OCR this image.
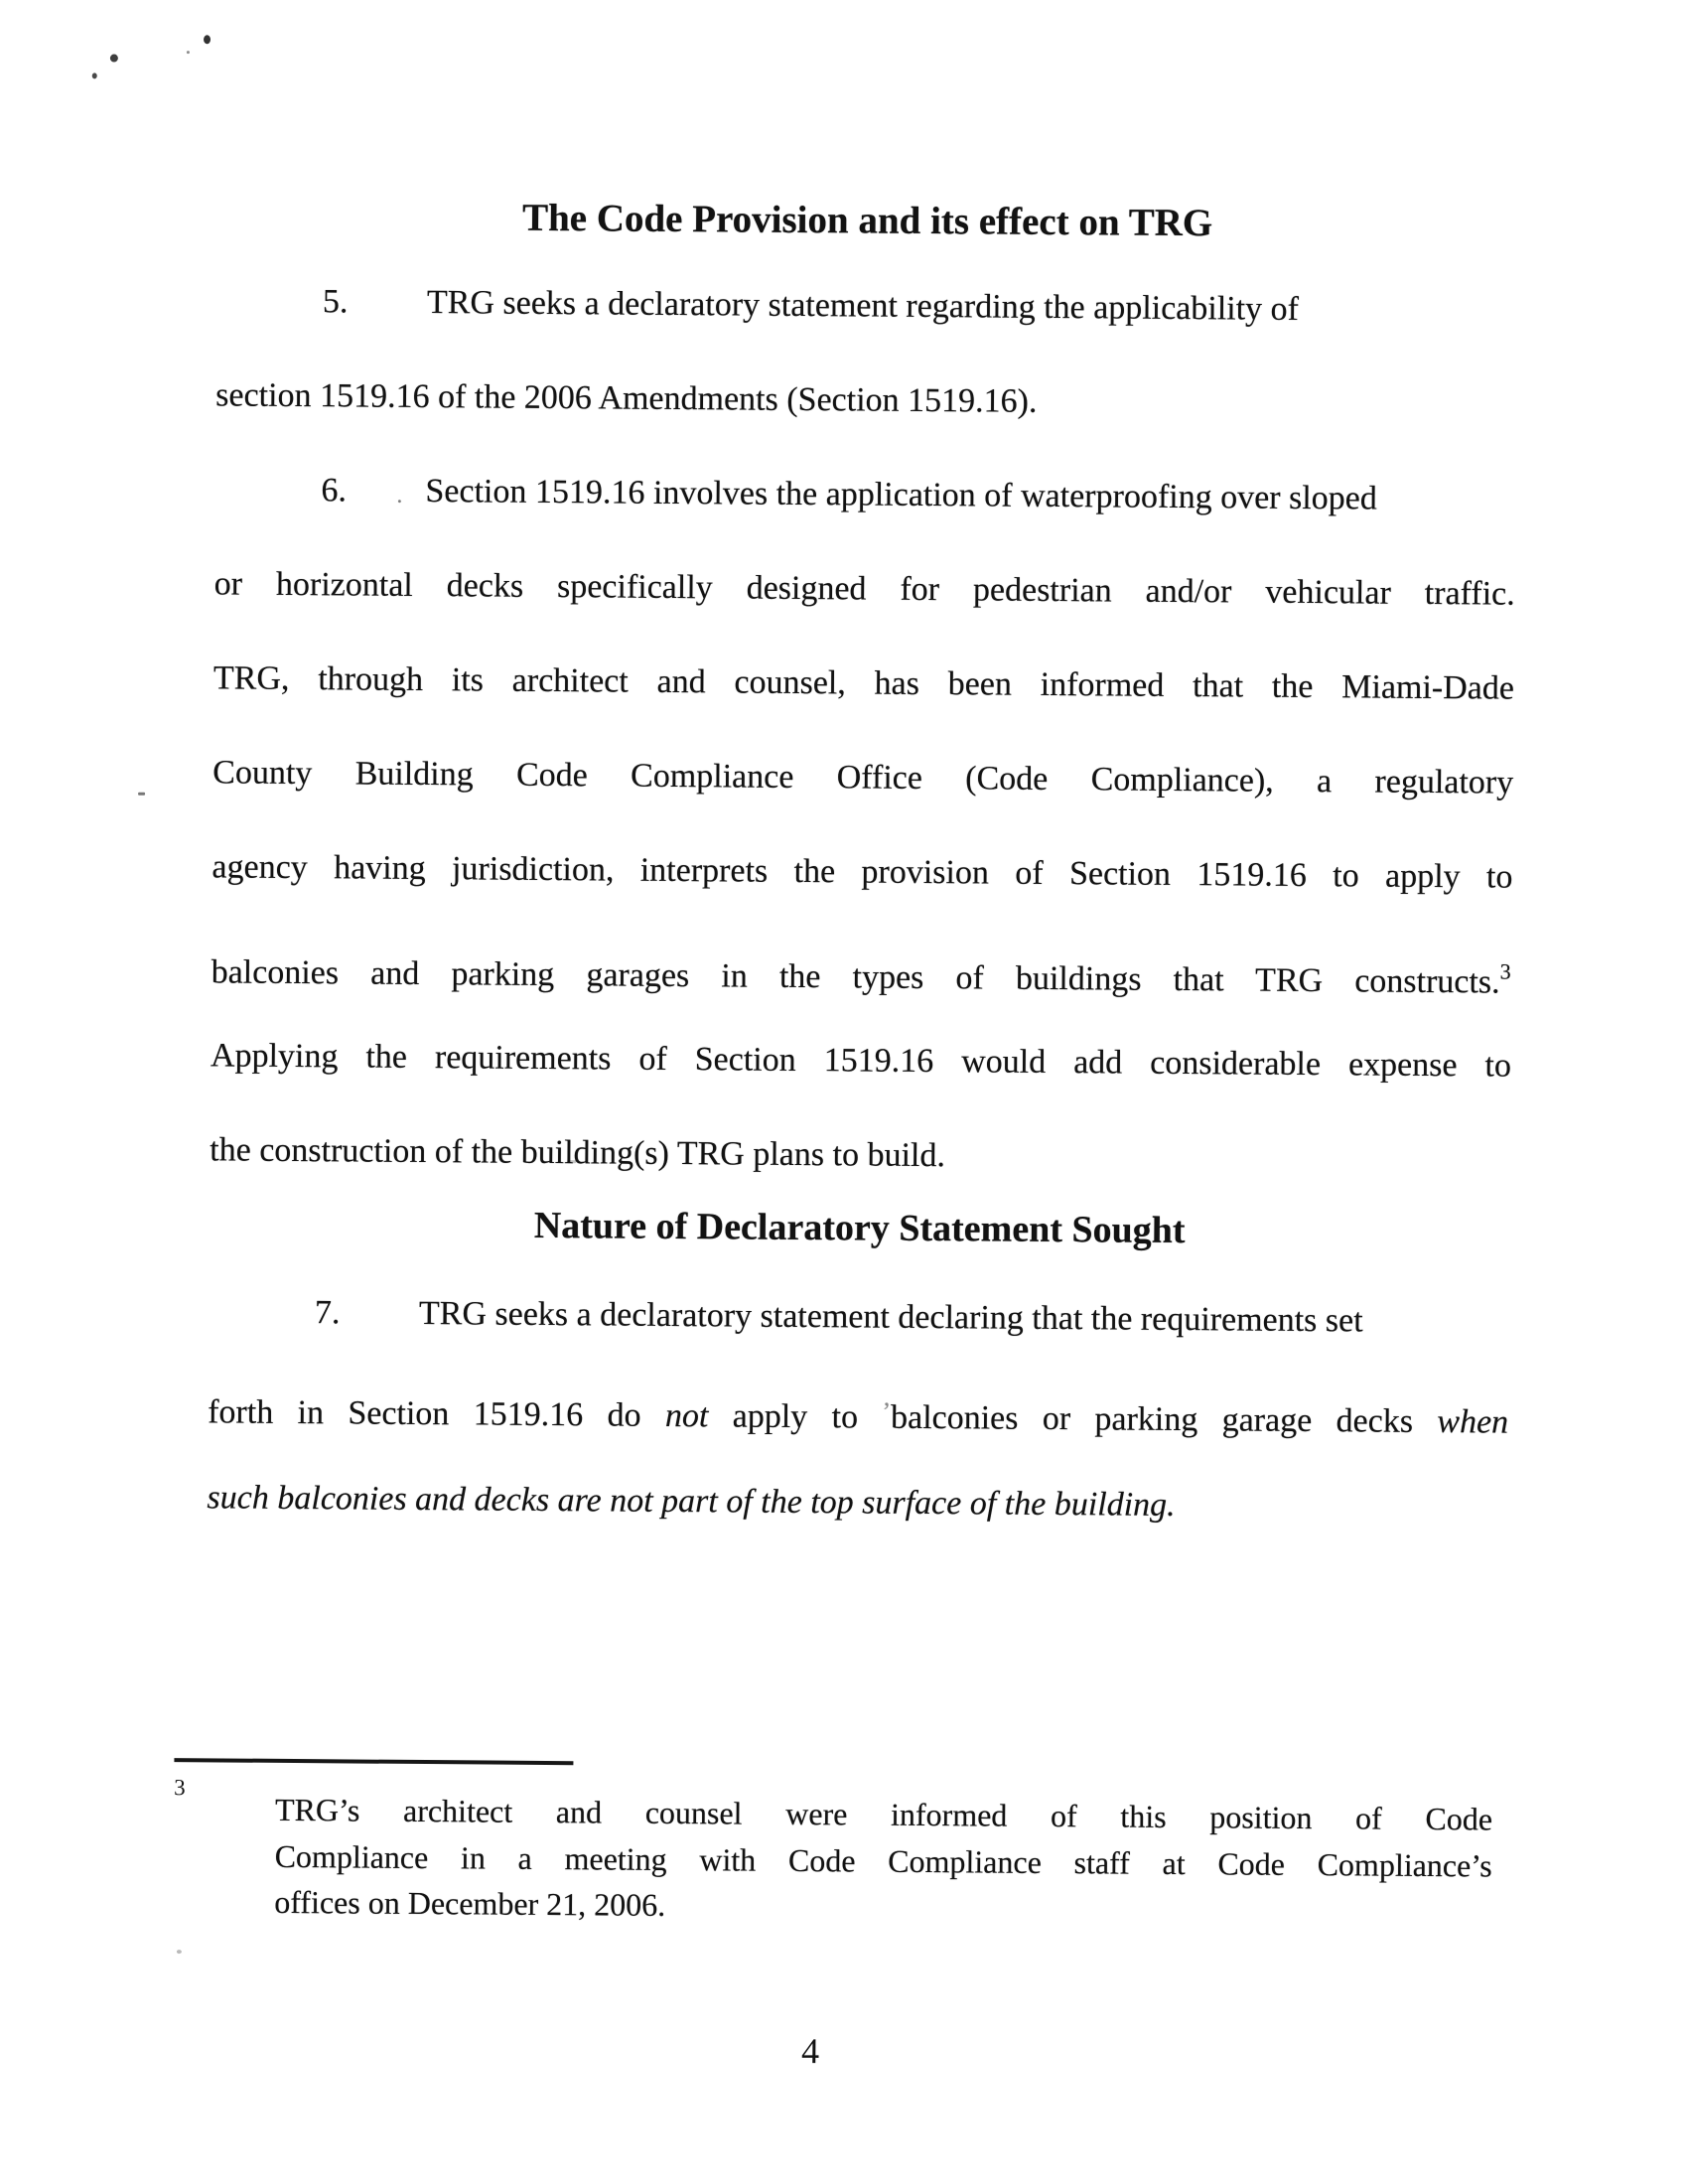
The Code Provision and its effect on TRG
5. TRG seeks a declaratory statement regarding the applicability of
section 1519.16 of the 2006 Amendments (Section 1519.16).
6. . Section 1519.16 involves the application of waterproofing over sloped
or horizontal decks specifically designed for pedestrian and/or vehicular traffic.
TRG, through its architect and counsel, has been informed that the Miami-Dade
County Building Code Compliance Office (Code Compliance), a regulatory
agency having jurisdiction, interprets the provision of Section 1519.16 to apply to
balconies and parking garages in the types of buildings that TRG constructs.$^3$
Applying the requirements of Section 1519.16 would add considerable expense to
the construction of the building(s) TRG plans to build.
Nature of Declaratory Statement Sought
7. TRG seeks a declaratory statement declaring that the requirements set
forth in Section 1519.16 do not apply to $^ʼ$balconies or parking garage decks when
such balconies and decks are not part of the top surface of the building.
3
TRG’s architect and counsel were informed of this position of Code
Compliance in a meeting with Code Compliance staff at Code Compliance’s
offices on December 21, 2006.
4
